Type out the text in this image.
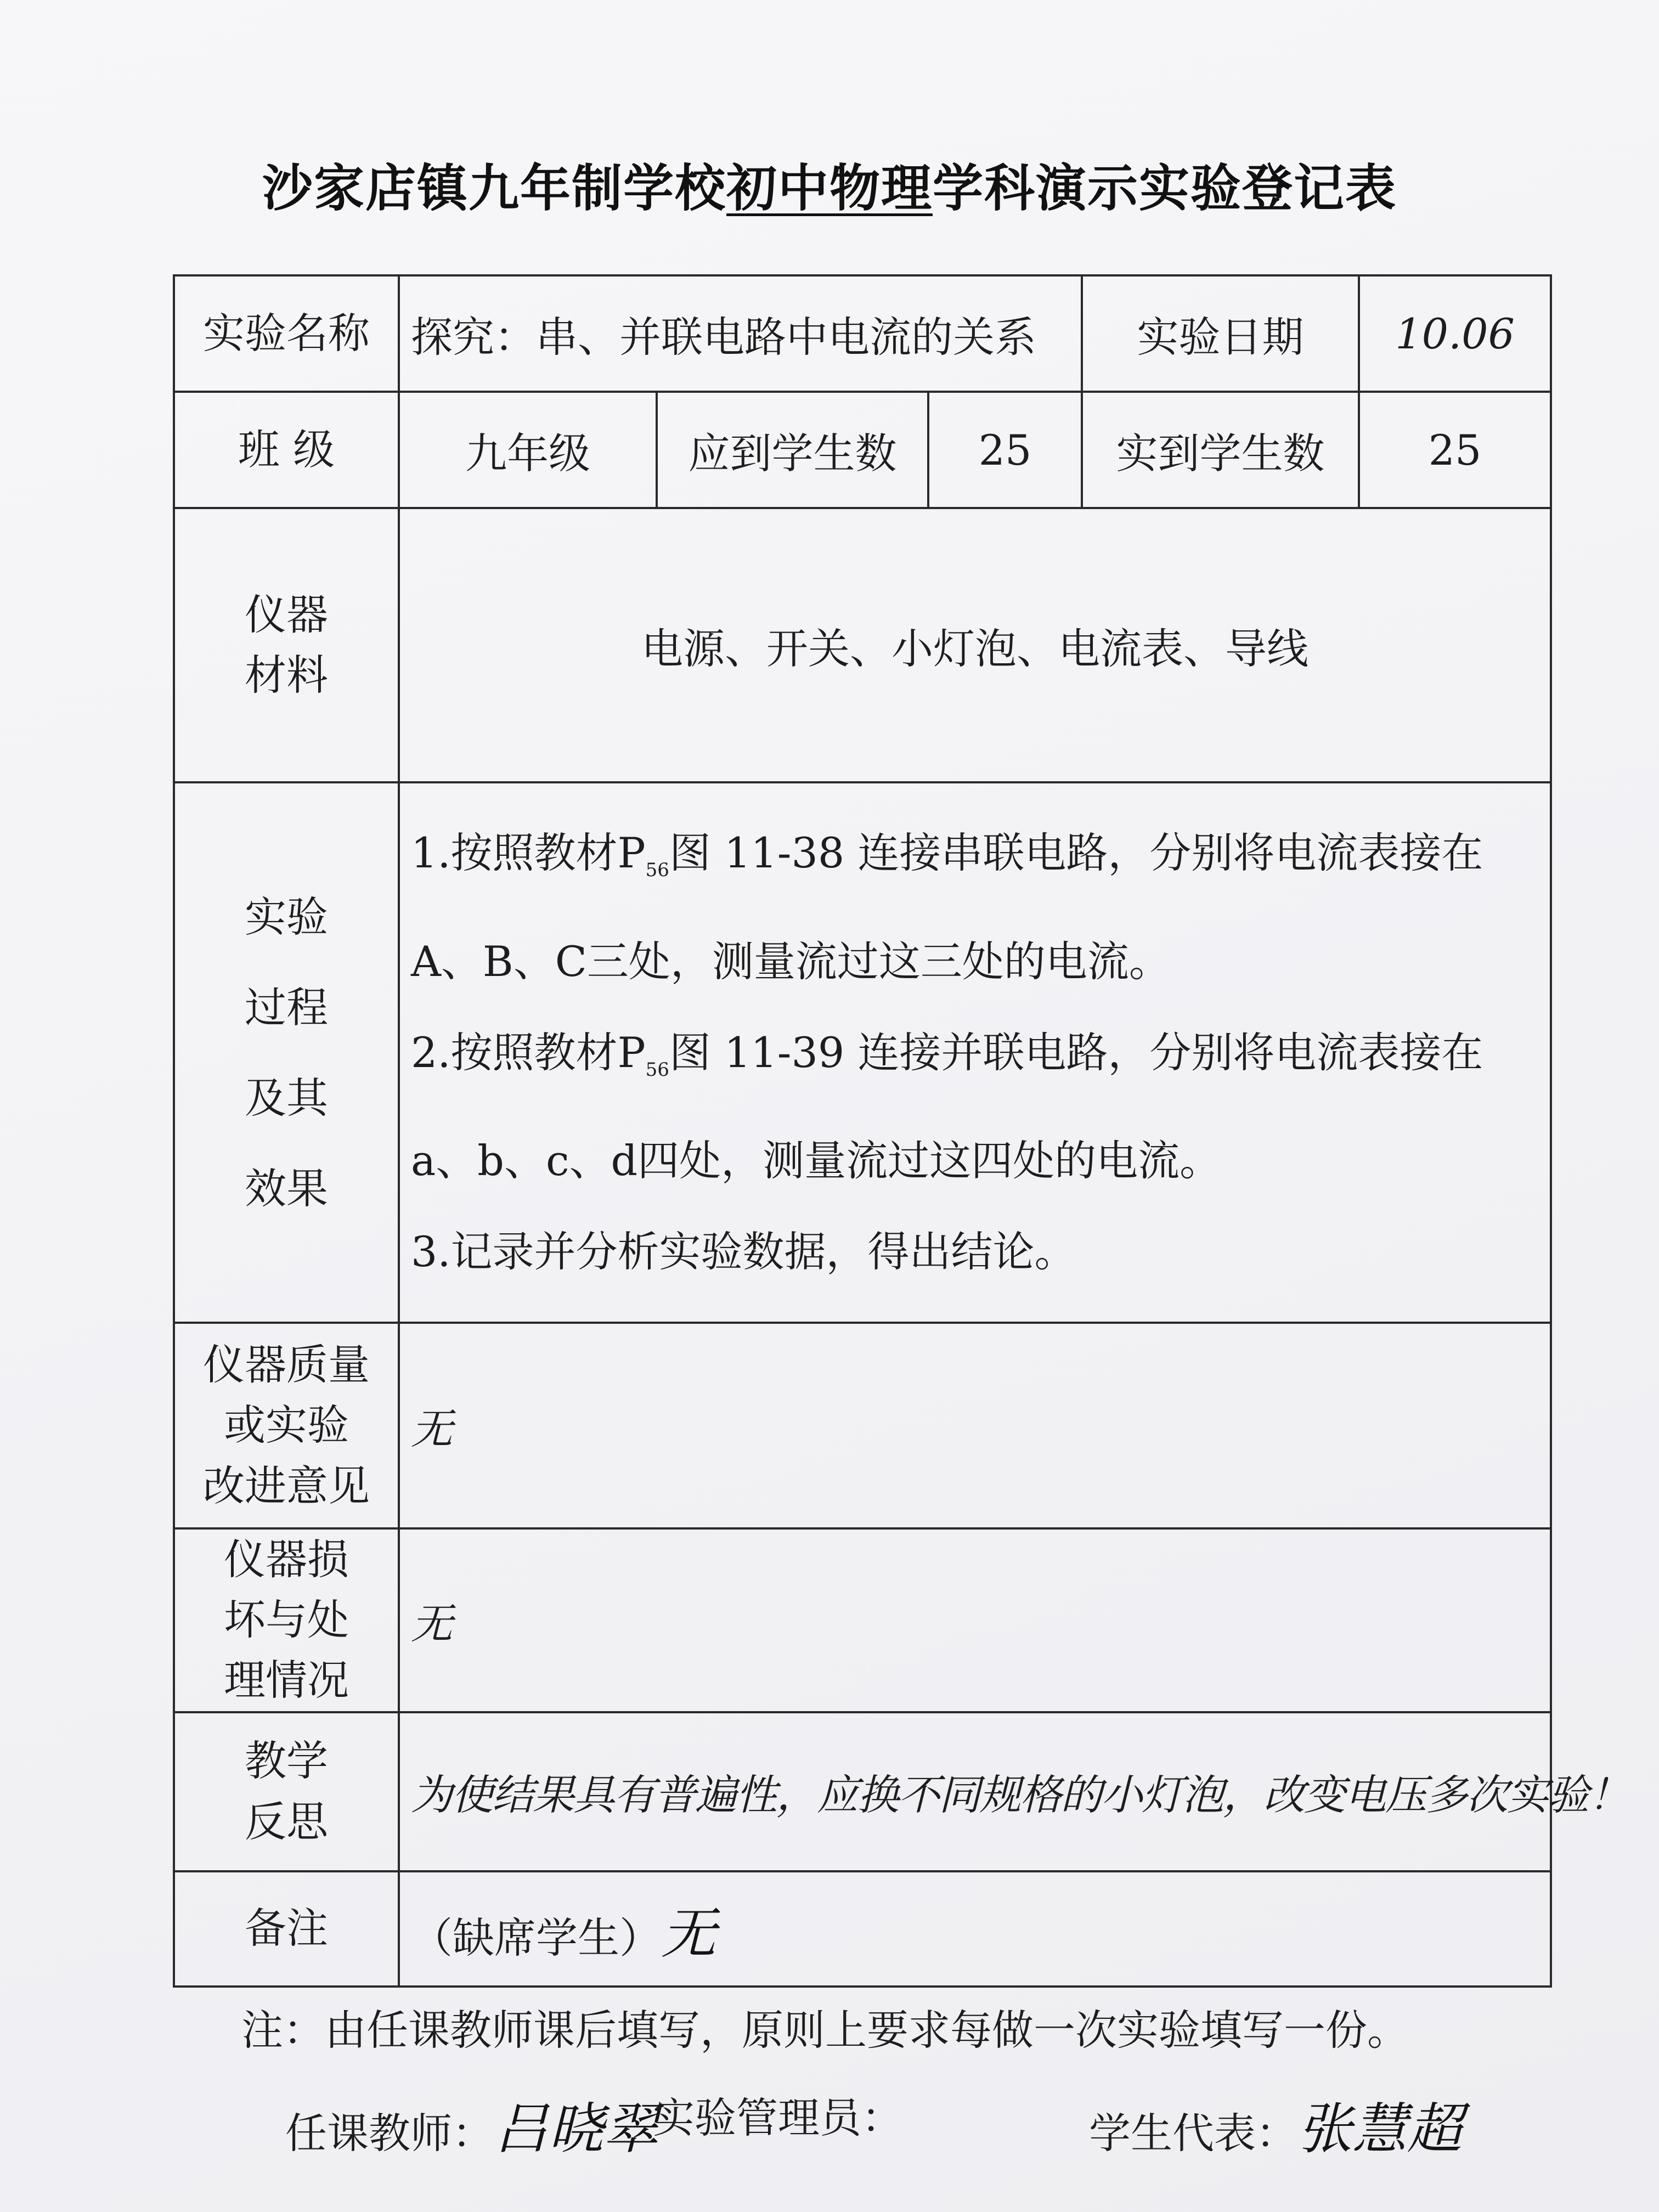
沙家店镇九年制学校初中物理学科演示实验登记表
实验名称	探究：串、并联电路中电流的关系			实验日期	10.06
班 级	九年级	应到学生数	25	实到学生数	25
仪器
材料	电源、开关、小灯泡、电流表、导线				
实验
过程
及其
效果	1.按照教材$P_{56}$图 11-38 连接串联电路，分别将电流表接在A、B、C三处，测量流过这三处的电流。
2.按照教材$P_{56}$图 11-39 连接并联电路，分别将电流表接在a、b、c、d四处，测量流过这四处的电流。
3.记录并分析实验数据，得出结论。				
仪器质量
或实验
改进意见	无				
仪器损
坏与处
理情况	无				
教学
反思	为使结果具有普遍性，应换不同规格的小灯泡，改变电压多次实验！				
备注	（缺席学生）无				
注：由任课教师课后填写，原则上要求每做一次实验填写一份。
任课教师：吕晓翠
实验管理员：	学生代表：张慧超
